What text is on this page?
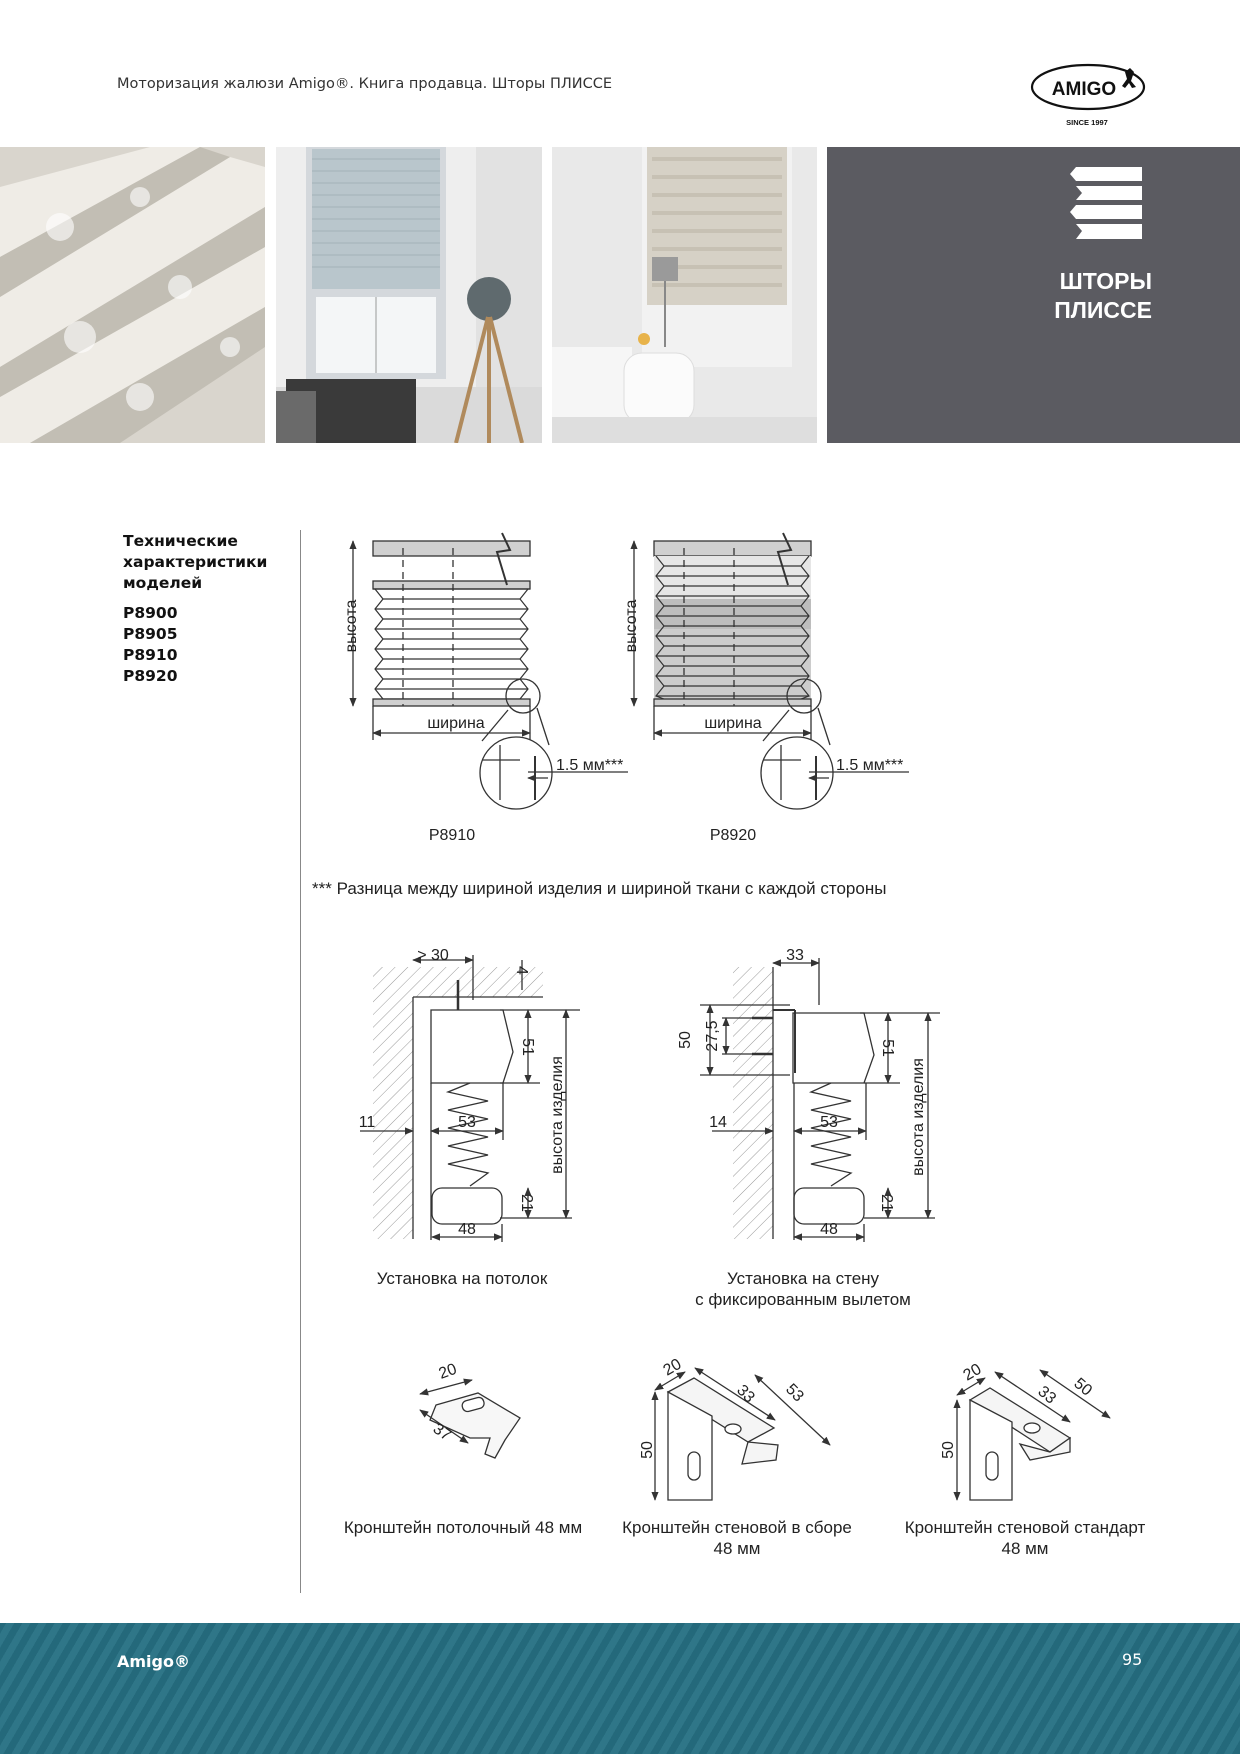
Моторизация жалюзи Amigo®. Книга продавца. Шторы ПЛИССЕ	AMIGO
SINCE 1997
ШТОРЫ
ПЛИССЕ
Технические
характеристики
моделей
P8900
P8905
P8910
P8920
высота
ширина
1.5 мм***
P8910
высота
ширина
1.5 мм***
P8920
*** Разница между шириной изделия и шириной ткани с каждой стороны
> 30
4
51
11	53
21
48
высота изделия
33
50 27,5	51
14	53
21
48
высота изделия
Установка на потолок	Установка на стену
с фиксированным вылетом
20
37
Кронштейн потолочный 48 мм
20
33 53
50
Кронштейн стеновой в сборе
48 мм
20
33 50
50
Кронштейн стеновой стандарт
48 мм
Amigo®	95
